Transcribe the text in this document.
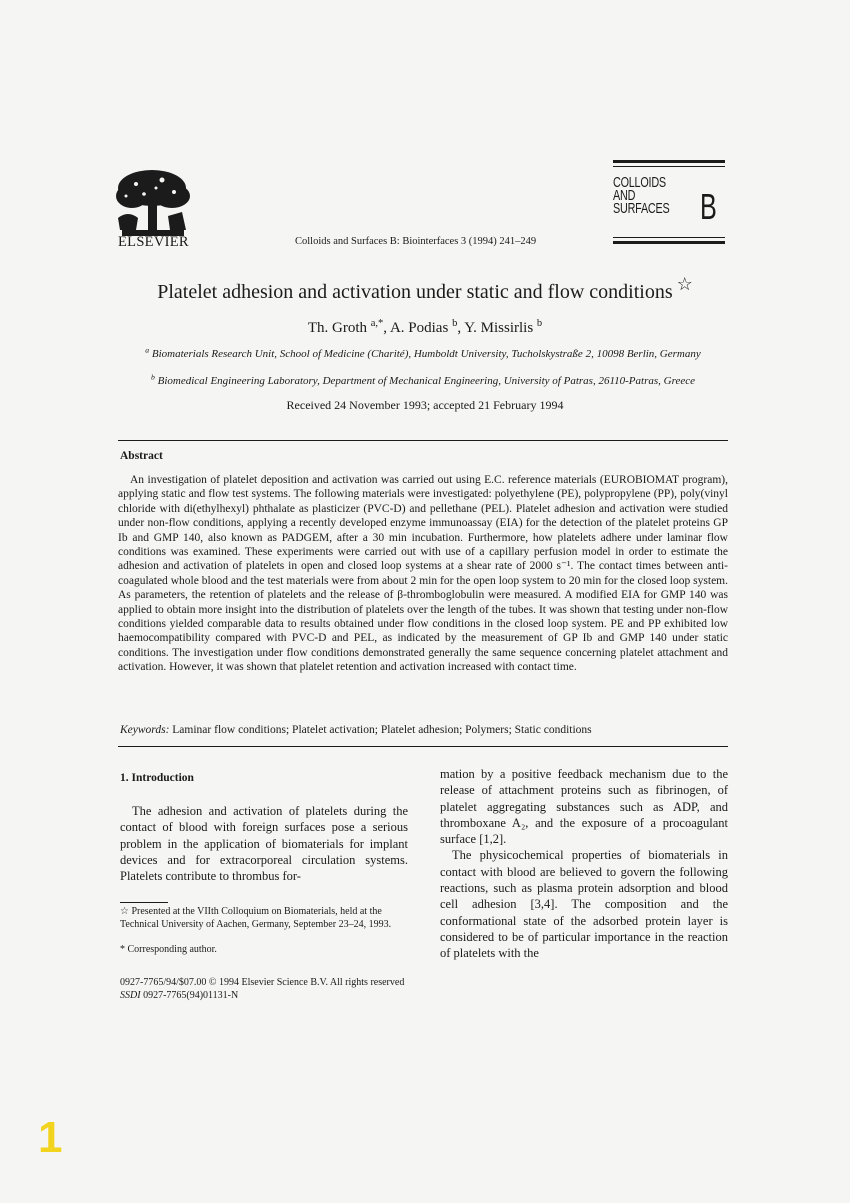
ELSEVIER	Colloids and Surfaces B: Biointerfaces 3 (1994) 241–249
COLLOIDS
AND
SURFACES B
Platelet adhesion and activation under static and flow conditions ☆
Th. Groth $^{a,*}$, A. Podias $^b$, Y. Missirlis $^b$
$^a$ Biomaterials Research Unit, School of Medicine (Charité), Humboldt University, Tucholskystraße 2, 10098 Berlin, Germany
$^b$ Biomedical Engineering Laboratory, Department of Mechanical Engineering, University of Patras, 26110-Patras, Greece
Received 24 November 1993; accepted 21 February 1994
Abstract
An investigation of platelet deposition and activation was carried out using E.C. reference materials (EUROBIOMAT program), applying static and flow test systems. The following materials were investigated: polyethylene (PE), polypropylene (PP), poly(vinyl chloride with di(ethylhexyl) phthalate as plasticizer (PVC-D) and pellethane (PEL). Platelet adhesion and activation were studied under non-flow conditions, applying a recently developed enzyme immunoassay (EIA) for the detection of the platelet proteins GP Ib and GMP 140, also known as PADGEM, after a 30 min incubation. Furthermore, how platelets adhere under laminar flow conditions was examined. These experiments were carried out with use of a capillary perfusion model in order to estimate the adhesion and activation of platelets in open and closed loop systems at a shear rate of 2000 s⁻¹. The contact times between anti-coagulated whole blood and the test materials were from about 2 min for the open loop system to 20 min for the closed loop system. As parameters, the retention of platelets and the release of β-thromboglobulin were measured. A modified EIA for GMP 140 was applied to obtain more insight into the distribution of platelets over the length of the tubes. It was shown that testing under non-flow conditions yielded comparable data to results obtained under flow conditions in the closed loop system. PE and PP exhibited low haemocompatibility compared with PVC-D and PEL, as indicated by the measurement of GP Ib and GMP 140 under static conditions. The investigation under flow conditions demonstrated generally the same sequence concerning platelet attachment and activation. However, it was shown that platelet retention and activation increased with contact time.
Keywords: Laminar flow conditions; Platelet activation; Platelet adhesion; Polymers; Static conditions
1. Introduction
The adhesion and activation of platelets during the contact of blood with foreign surfaces pose a serious problem in the application of biomaterials for implant devices and for extracorporeal circulation systems. Platelets contribute to thrombus for-
☆ Presented at the VIIth Colloquium on Biomaterials, held at the Technical University of Aachen, Germany, September 23–24, 1993.
* Corresponding author.
0927-7765/94/$07.00 © 1994 Elsevier Science B.V. All rights reserved
SSDI 0927-7765(94)01131-N

mation by a positive feedback mechanism due to the release of attachment proteins such as fibrinogen, of platelet aggregating substances such as ADP, and thromboxane A₂, and the exposure of a procoagulant surface [1,2].

The physicochemical properties of biomaterials in contact with blood are believed to govern the following reactions, such as plasma protein adsorption and blood cell adhesion [3,4]. The composition and the conformational state of the adsorbed protein layer is considered to be of particular importance in the reaction of platelets with the

1
